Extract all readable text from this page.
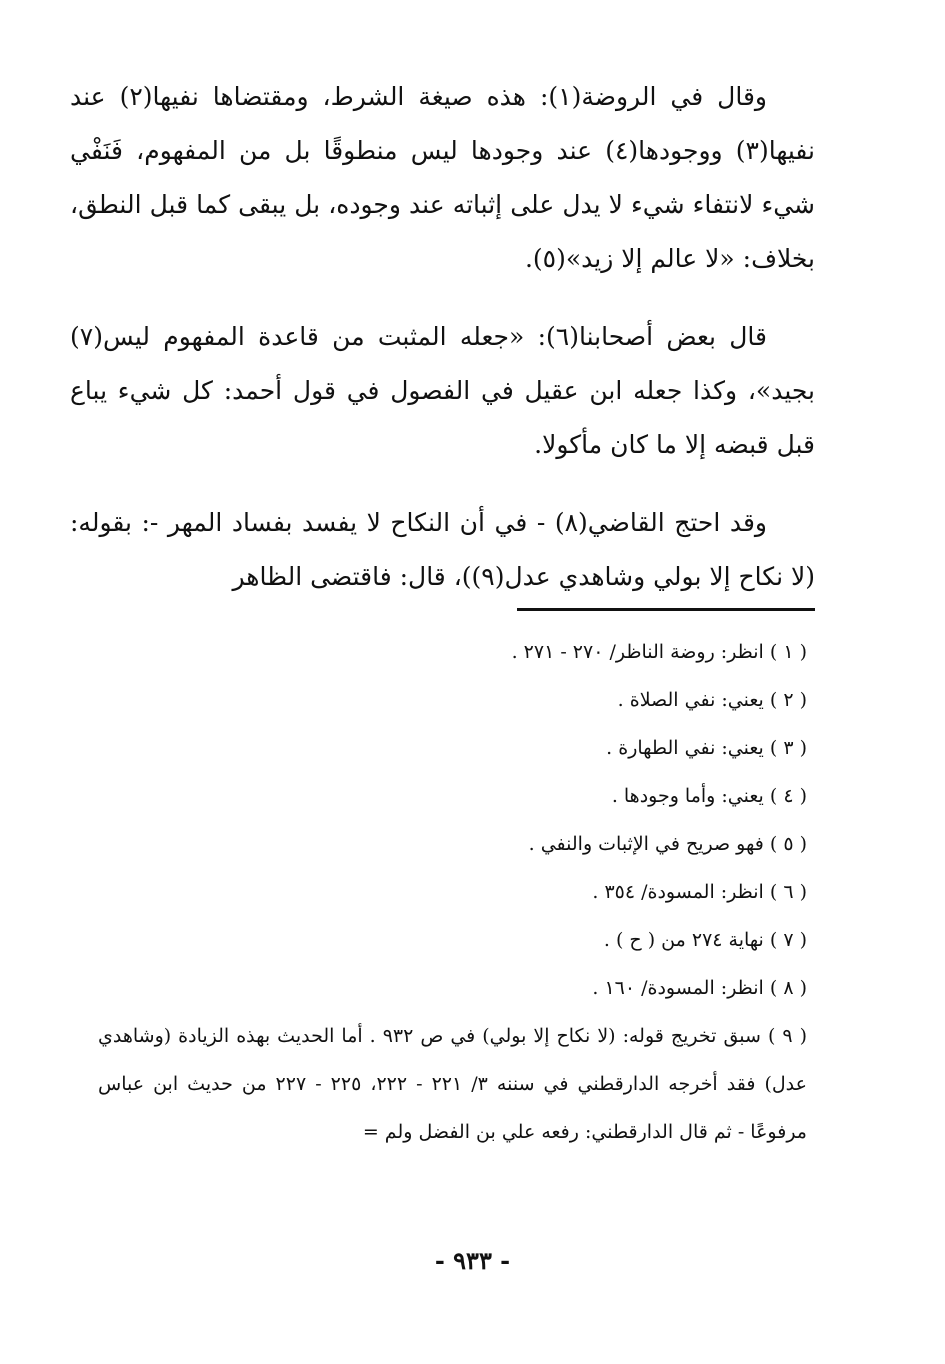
وقال في الروضة(١): هذه صيغة الشرط، ومقتضاها نفيها(٢) عند نفيها(٣) ووجودها(٤) عند وجودها ليس منطوقًا بل من المفهوم، فَنَفْي شيء لانتفاء شيء لا يدل على إثباته عند وجوده، بل يبقى كما قبل النطق، بخلاف: «لا عالم إلا زيد»(٥).

قال بعض أصحابنا(٦): «جعله المثبت من قاعدة المفهوم ليس(٧) بجيد»، وكذا جعله ابن عقيل في الفصول في قول أحمد: كل شيء يباع قبل قبضه إلا ما كان مأكولا.

وقد احتج القاضي(٨) - في أن النكاح لا يفسد بفساد المهر -: بقوله: (لا نكاح إلا بولي وشاهدي عدل(٩))، قال: فاقتضى الظاهر

( ١ ) انظر: روضة الناظر/ ٢٧٠ - ٢٧١ .

( ٢ ) يعني: نفي الصلاة .

( ٣ ) يعني: نفي الطهارة .

( ٤ ) يعني: وأما وجودها .

( ٥ ) فهو صريح في الإثبات والنفي .

( ٦ ) انظر: المسودة/ ٣٥٤ .

( ٧ ) نهاية ٢٧٤ من ( ح ) .

( ٨ ) انظر: المسودة/ ١٦٠ .

( ٩ ) سبق تخريج قوله: (لا نكاح إلا بولي) في ص ٩٣٢ . أما الحديث بهذه الزيادة (وشاهدي عدل) فقد أخرجه الدارقطني في سننه ٣/ ٢٢١ - ٢٢٢، ٢٢٥ - ٢٢٧ من حديث ابن عباس مرفوعًا - ثم قال الدارقطني: رفعه علي بن الفضل ولم =

- ٩٣٣ -
